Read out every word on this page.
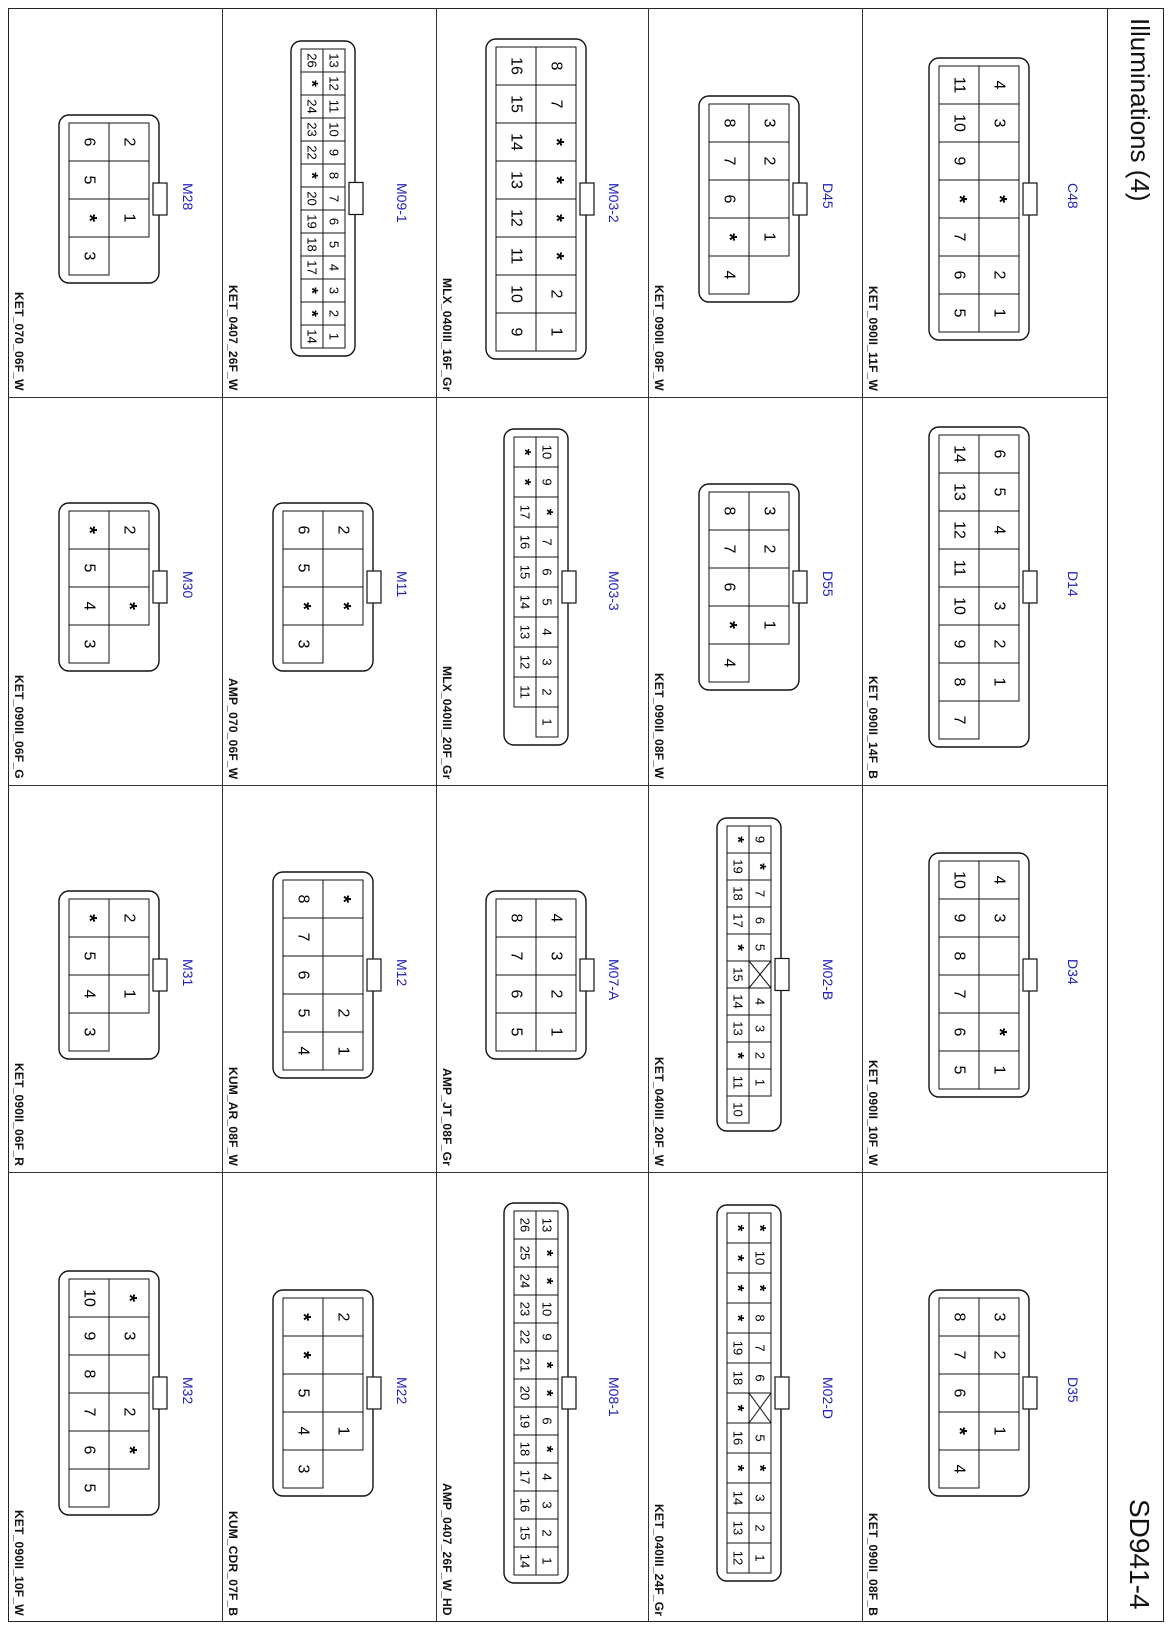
Illuminations (4)
SD941-4
C48
KET_090II_11F_W
4
3
*
2
1
11
10
9
*
7
6
5
D14
KET_090II_14F_B
6
5
4
3
2
1
14
13
12
11
10
9
8
7
D34
KET_090II_10F_W
4
3
*
1
10
9
8
7
6
5
D35
KET_090II_08F_B
3
2
1
8
7
6
*
4
D45
KET_090II_08F_W
3
2
1
8
7
6
*
4
D55
KET_090II_08F_W
3
2
1
8
7
6
*
4
M02-B
KET_040III_20F_W
9
*
7
6
5
4
3
2
1
*
19
18
17
*
15
14
13
*
11
10
M02-D
KET_040III_24F_Gr
*
10
*
8
7
6
5
*
3
2
1
*
*
*
*
19
18
*
16
*
14
13
12
M03-2
MLX_040III_16F_Gr
8
7
*
*
*
*
2
1
16
15
14
13
12
11
10
9
M03-3
MLX_040III_20F_Gr
10
9
*
7
6
5
4
3
2
1
*
*
17
16
15
14
13
12
11
M07-A
AMP_JT_08F_Gr
4
3
2
1
8
7
6
5
M08-1
AMP_0407_26F_W_HD
13
*
*
10
9
*
*
6
*
4
3
2
1
26
25
24
23
22
21
20
19
18
17
16
15
14
M09-1
KET_0407_26F_W
13
12
11
10
9
8
7
6
5
4
3
2
1
26
*
24
23
22
*
20
19
18
17
*
*
14
M11
AMP_070_06F_W
2
*
6
5
*
3
M12
KUM_AR_08F_W
*
2
1
8
7
6
5
4
M22
KUM_CDR_07F_B
2
1
*
*
5
4
3
M28
KET_070_06F_W
2
1
6
5
*
3
M30
KET_090II_06F_G
2
*
*
5
4
3
M31
KET_090II_06F_R
2
1
*
5
4
3
M32
KET_090II_10F_W
*
3
2
*
10
9
8
7
6
5
